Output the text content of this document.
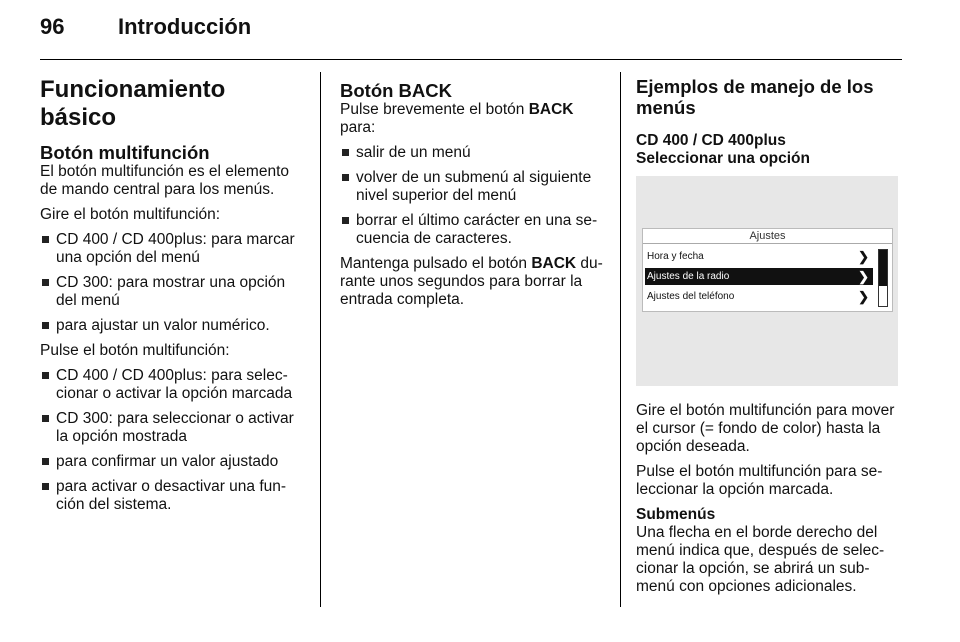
96 Introducción
Funcionamiento básico
Botón multifunción

El botón multifunción es el elemento de mando central para los menús.

Gire el botón multifunción:

CD 400 / CD 400plus: para marcar una opción del menú
CD 300: para mostrar una opción del menú
para ajustar un valor numérico.

Pulse el botón multifunción:

CD 400 / CD 400plus: para selec- cionar o activar la opción marcada
CD 300: para seleccionar o activar la opción mostrada
para confirmar un valor ajustado
para activar o desactivar una fun- ción del sistema.
Botón BACK

Pulse brevemente el botón BACK para:

salir de un menú
volver de un submenú al siguiente nivel superior del menú
borrar el último carácter en una se- cuencia de caracteres.

Mantenga pulsado el botón BACK du- rante unos segundos para borrar la entrada completa.

Ejemplos de manejo de los menús
CD 400 / CD 400plus
Seleccionar una opción
Ajustes
Hora y fecha	❯
Ajustes de la radio	❯
Ajustes del teléfono	❯

Gire el botón multifunción para mover el cursor (= fondo de color) hasta la opción deseada.

Pulse el botón multifunción para se- leccionar la opción marcada.

Submenús

Una flecha en el borde derecho del menú indica que, después de selec- cionar la opción, se abrirá un sub- menú con opciones adicionales.
